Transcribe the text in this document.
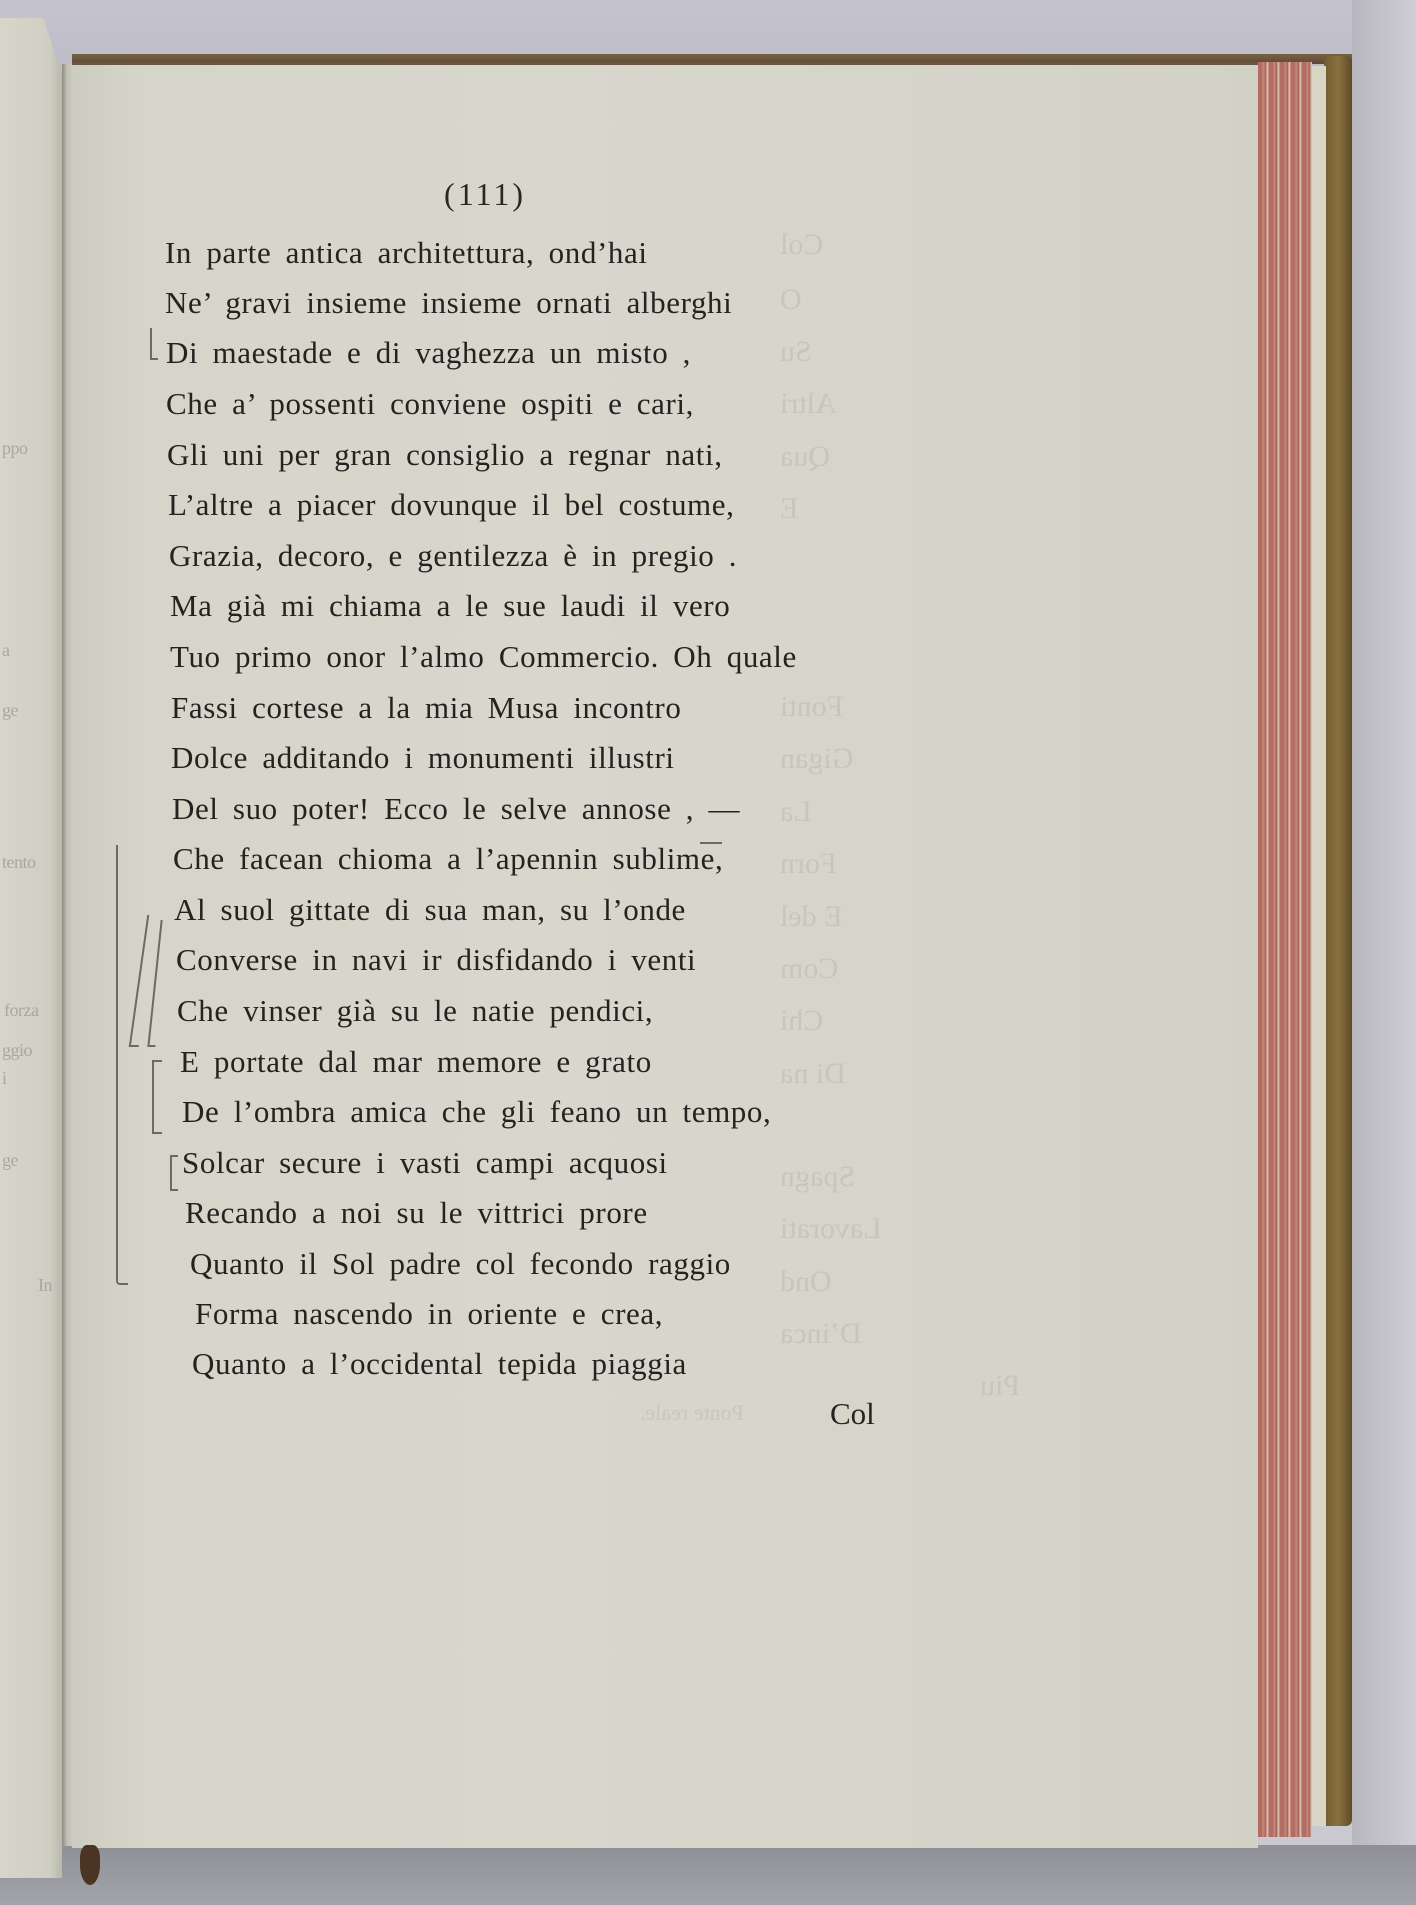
ppo
a
ge
tento
forza
ggio
i
ge
In
Col
O
Su
Altri
Qua
E
Fonti
Gigan
La
Forn
E del
Com
Chi
Di na
Spagn
Lavorati
Ond
D’inca
Piu
Ponte reale.
(111)
In parte antica architettura, ond’hai
Ne’ gravi insieme insieme ornati alberghi
Di maestade e di vaghezza un misto ,
Che a’ possenti conviene ospiti e cari,
Gli uni per gran consiglio a regnar nati,
L’altre a piacer dovunque il bel costume,
Grazia, decoro, e gentilezza è in pregio .
Ma già mi chiama a le sue laudi il vero
Tuo primo onor l’almo Commercio. Oh quale
Fassi cortese a la mia Musa incontro
Dolce additando i monumenti illustri
Del suo poter! Ecco le selve annose , —
Che facean chioma a l’apennin sublime,
Al suol gittate di sua man, su l’onde
Converse in navi ir disfidando i venti
Che vinser già su le natie pendici,
E portate dal mar memore e grato
De l’ombra amica che gli feano un tempo,
Solcar secure i vasti campi acquosi
Recando a noi su le vittrici prore
Quanto il Sol padre col fecondo raggio
Forma nascendo in oriente e crea,
Quanto a l’occidental tepida piaggia
Col
